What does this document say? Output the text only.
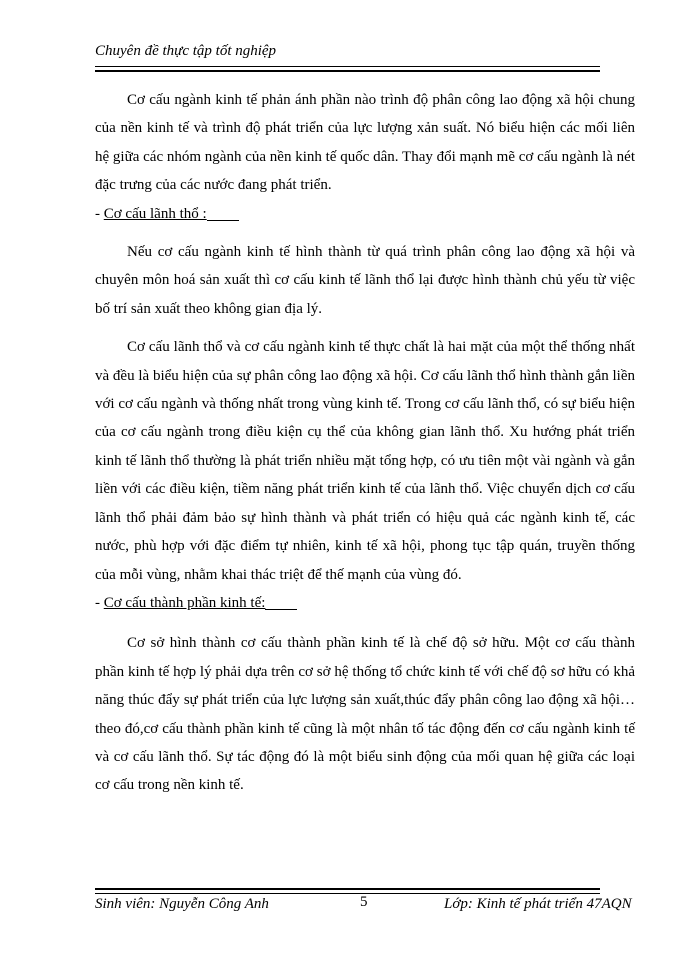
Chuyên đề thực tập tốt nghiệp

Cơ cấu ngành kinh tế phản ánh phần nào trình độ phân công lao động xã hội chung của nền kinh tế và trình độ phát triển của lực lượng xản suất. Nó biểu hiện các mối liên hệ giữa các nhóm ngành của nền kinh tế quốc dân. Thay đổi mạnh mẽ cơ cấu ngành là nét đặc trưng của các nước đang phát triển.

- Cơ cấu lãnh thổ :

Nếu cơ cấu ngành kinh tế hình thành từ quá trình phân công lao động xã hội và chuyên môn hoá sản xuất thì cơ cấu kinh tế lãnh thổ lại được hình thành chủ yếu từ việc bố trí sản xuất theo không gian địa lý.

Cơ cấu lãnh thổ và cơ cấu ngành kinh tế thực chất là hai mặt của một thể thống nhất và đều là biểu hiện của sự phân công lao động xã hội. Cơ cấu lãnh thổ hình thành gắn liền với cơ cấu ngành và thống nhất trong vùng kinh tế. Trong cơ cấu lãnh thổ, có sự biểu hiện của cơ cấu ngành trong điều kiện cụ thể của không gian lãnh thổ. Xu hướng phát triển kinh tế lãnh thổ thường là phát triển nhiều mặt tổng hợp, có ưu tiên một vài ngành và gắn liền với các điều kiện, tiềm năng phát triển kinh tế của lãnh thổ. Việc chuyển dịch cơ cấu lãnh thổ phải đảm bảo sự hình thành và phát triển có hiệu quả các ngành kinh tế, các nước, phù hợp với đặc điểm tự nhiên, kinh tế xã hội, phong tục tập quán, truyền thống của mỗi vùng, nhằm khai thác triệt để thế mạnh của vùng đó.

- Cơ cấu thành phần kinh tế:

Cơ sở hình thành cơ cấu thành phần kinh tế là chế độ sở hữu. Một cơ cấu thành phần kinh tế hợp lý phải dựa trên cơ sở hệ thống tổ chức kinh tế với chế độ sơ hữu có khả năng thúc đẩy sự phát triển của lực lượng sản xuất,thúc đẩy phân công lao động xã hội… theo đó,cơ cấu thành phần kinh tế cũng là một nhân tố tác động đến cơ cấu ngành kinh tế và cơ cấu lãnh thổ. Sự tác động đó là một biểu sinh động của mối quan hệ giữa các loại cơ cấu trong nền kinh tế.

Sinh viên: Nguyễn Công Anh	5	Lớp: Kinh tế phát triển 47AQN
